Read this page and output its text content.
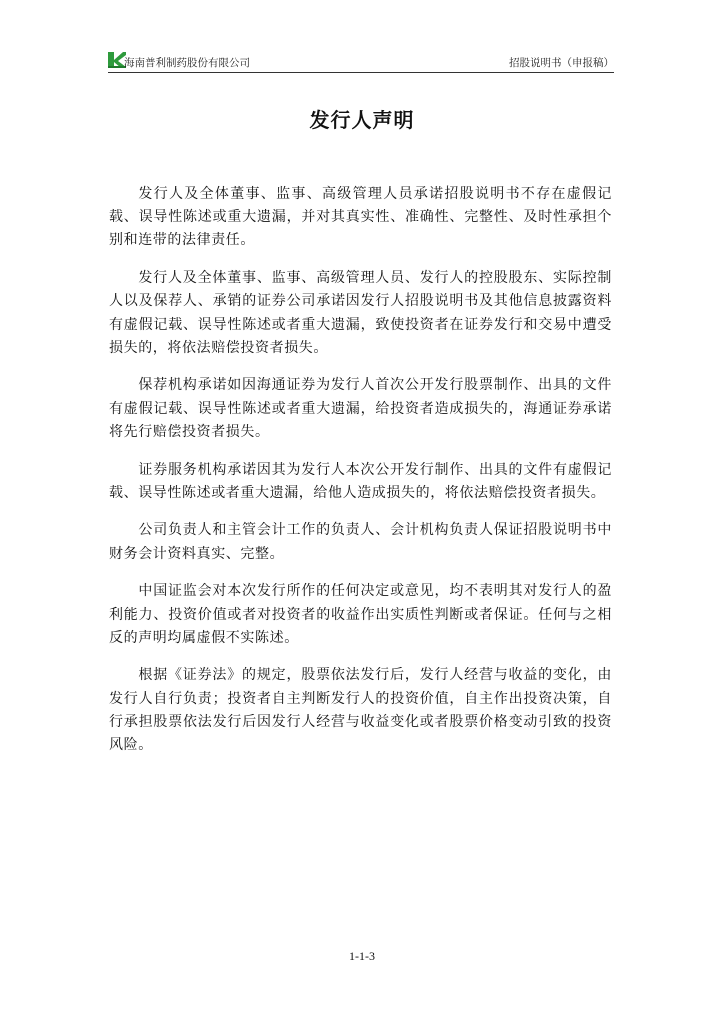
海南普利制药股份有限公司	招股说明书（申报稿）
发行人声明

发行人及全体董事、监事、高级管理人员承诺招股说明书不存在虚假记载、误导性陈述或重大遗漏，并对其真实性、准确性、完整性、及时性承担个别和连带的法律责任。

发行人及全体董事、监事、高级管理人员、发行人的控股股东、实际控制人以及保荐人、承销的证券公司承诺因发行人招股说明书及其他信息披露资料有虚假记载、误导性陈述或者重大遗漏，致使投资者在证券发行和交易中遭受损失的，将依法赔偿投资者损失。

保荐机构承诺如因海通证券为发行人首次公开发行股票制作、出具的文件有虚假记载、误导性陈述或者重大遗漏，给投资者造成损失的，海通证券承诺将先行赔偿投资者损失。

证券服务机构承诺因其为发行人本次公开发行制作、出具的文件有虚假记载、误导性陈述或者重大遗漏，给他人造成损失的，将依法赔偿投资者损失。

公司负责人和主管会计工作的负责人、会计机构负责人保证招股说明书中财务会计资料真实、完整。

中国证监会对本次发行所作的任何决定或意见，均不表明其对发行人的盈利能力、投资价值或者对投资者的收益作出实质性判断或者保证。任何与之相反的声明均属虚假不实陈述。

根据《证券法》的规定，股票依法发行后，发行人经营与收益的变化，由发行人自行负责；投资者自主判断发行人的投资价值，自主作出投资决策，自行承担股票依法发行后因发行人经营与收益变化或者股票价格变动引致的投资风险。

1-1-3
